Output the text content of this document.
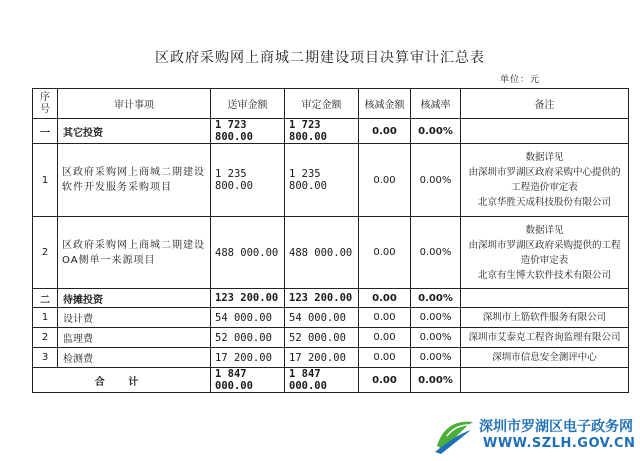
区政府采购网上商城二期建设项目决算审计汇总表
单位：元
序
号	审计事项	送审金额	审定金额	核减金额	核减率	备注
一	其它投资	1 723 800.00	1 723 800.00	0.00	0.00%	
1	区政府采购网上商城二期建设软件开发服务采购项目	1 235 800.00	1 235 800.00	0.00	0.00%	数据详见
由深圳市罗湖区政府采购中心提供的
工程造价审定表
北京华胜天成科技股份有限公司

2	区政府采购网上商城二期建设OA侧单一来源项目	488 000.00	488 000.00	0.00	0.00%	数据详见
由深圳市罗湖区政府采购提供的工程
造价审定表
北京有生博大软件技术有限公司

二	待摊投资	123 200.00	123 200.00	0.00	0.00%	
1	设计费	54 000.00	54 000.00	0.00	0.00%	深圳市上筋软件服务有限公司
2	监理费	52 000.00	52 000.00	0.00	0.00%	深圳市艾泰克工程咨询监理有限公司
3	检测费	17 200.00	17 200.00	0.00	0.00%	深圳市信息安全测评中心
合 计		1 847 000.00	1 847 000.00	0.00	0.00%	
深圳市罗湖区电子政务网
WWW.SZLH.GOV.CN
